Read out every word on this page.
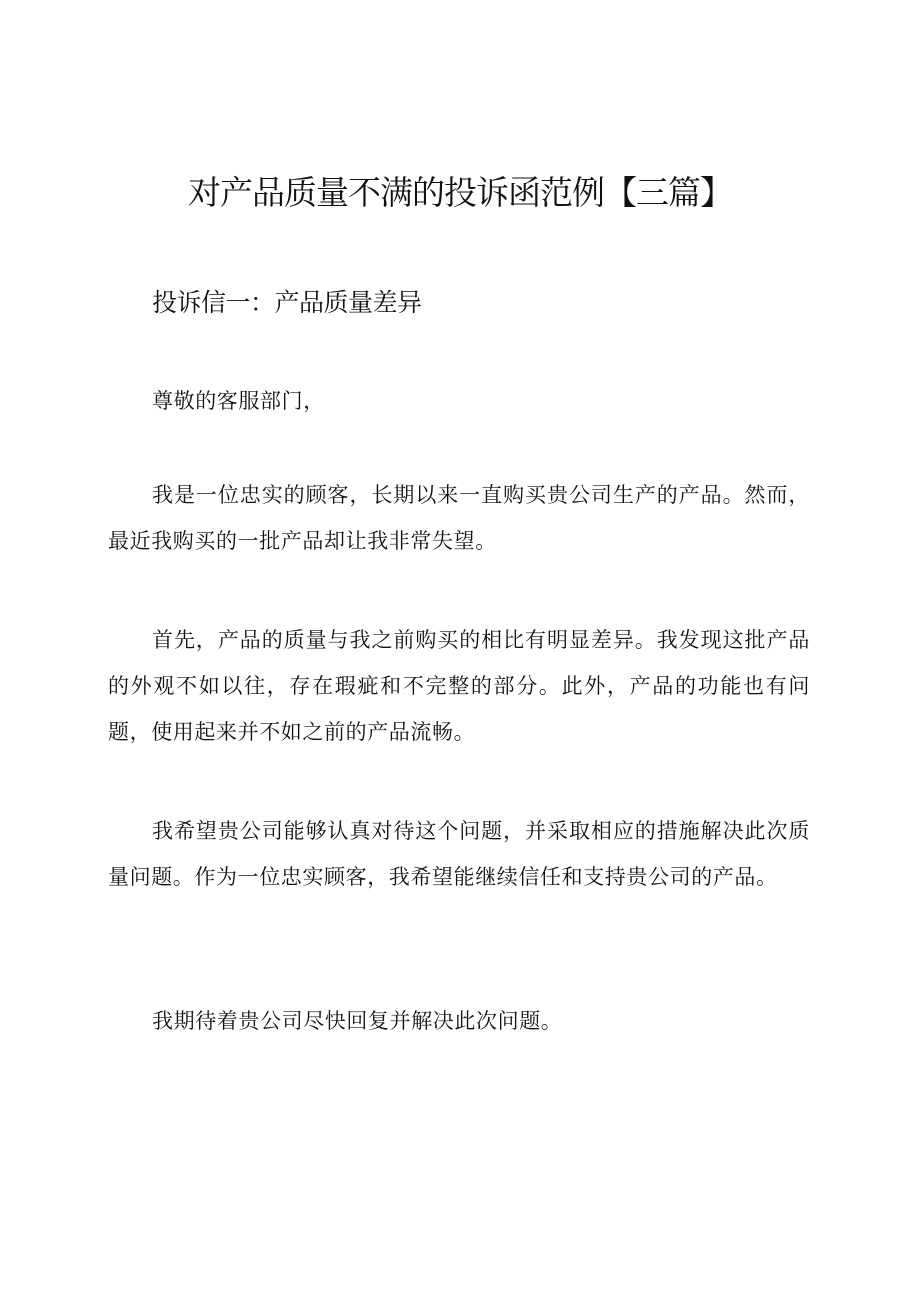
对产品质量不满的投诉函范例【三篇】
投诉信一：产品质量差异

尊敬的客服部门，

我是一位忠实的顾客，长期以来一直购买贵公司生产的产品。然而，最近我购买的一批产品却让我非常失望。

首先，产品的质量与我之前购买的相比有明显差异。我发现这批产品的外观不如以往，存在瑕疵和不完整的部分。此外，产品的功能也有问题，使用起来并不如之前的产品流畅。

我希望贵公司能够认真对待这个问题，并采取相应的措施解决此次质量问题。作为一位忠实顾客，我希望能继续信任和支持贵公司的产品。

我期待着贵公司尽快回复并解决此次问题。
